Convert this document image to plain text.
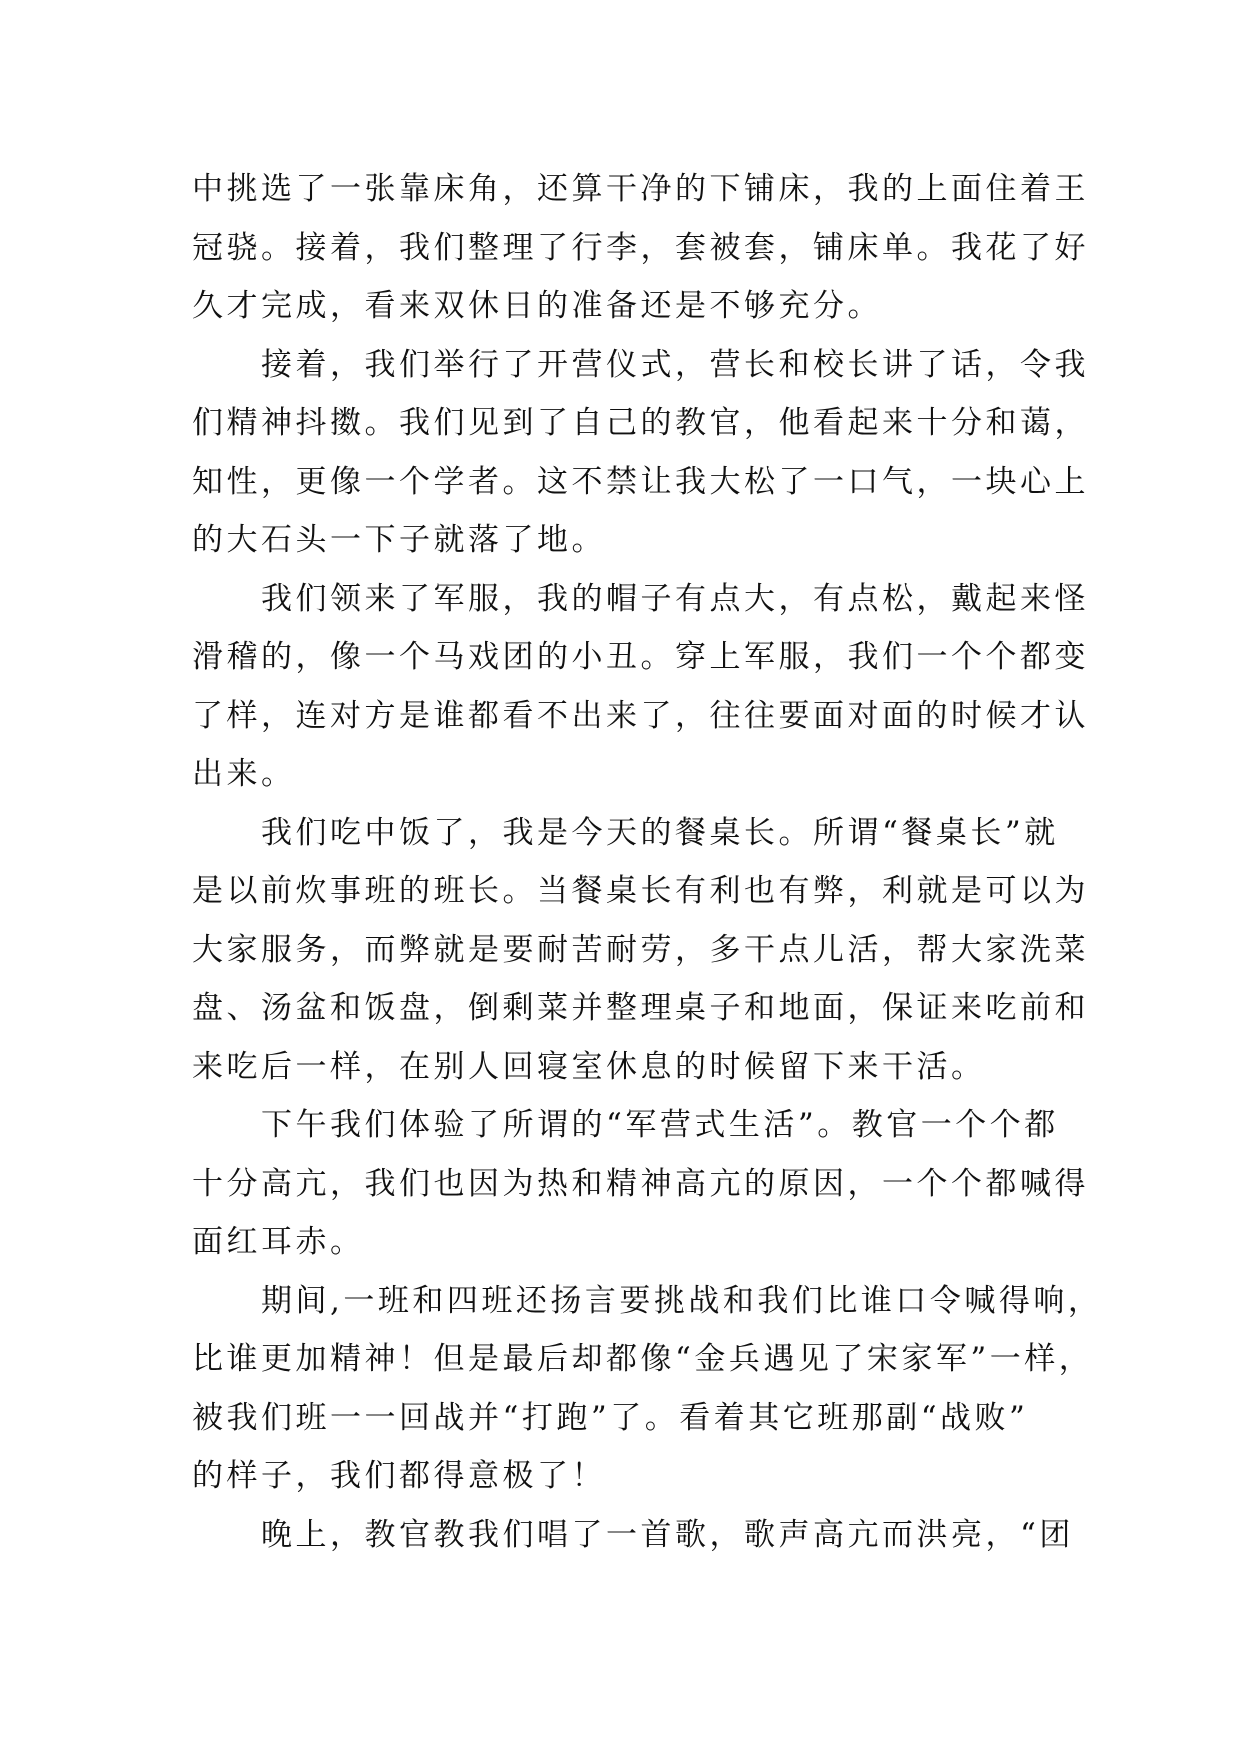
中挑选了一张靠床角，还算干净的下铺床，我的上面住着王
冠骁。接着，我们整理了行李，套被套，铺床单。我花了好
久才完成，看来双休日的准备还是不够充分。
　　接着，我们举行了开营仪式，营长和校长讲了话，令我
们精神抖擞。我们见到了自己的教官，他看起来十分和蔼，
知性，更像一个学者。这不禁让我大松了一口气，一块心上
的大石头一下子就落了地。
　　我们领来了军服，我的帽子有点大，有点松，戴起来怪
滑稽的，像一个马戏团的小丑。穿上军服，我们一个个都变
了样，连对方是谁都看不出来了，往往要面对面的时候才认
出来。
　　我们吃中饭了，我是今天的餐桌长。所谓“餐桌长”就
是以前炊事班的班长。当餐桌长有利也有弊，利就是可以为
大家服务，而弊就是要耐苦耐劳，多干点儿活，帮大家洗菜
盘、汤盆和饭盘，倒剩菜并整理桌子和地面，保证来吃前和
来吃后一样，在别人回寝室休息的时候留下来干活。
　　下午我们体验了所谓的“军营式生活”。教官一个个都
十分高亢，我们也因为热和精神高亢的原因，一个个都喊得
面红耳赤。
　　期间,一班和四班还扬言要挑战和我们比谁口令喊得响，
比谁更加精神！但是最后却都像“金兵遇见了宋家军”一样，
被我们班一一回战并“打跑”了。看着其它班那副“战败”
的样子，我们都得意极了！
　　晚上，教官教我们唱了一首歌，歌声高亢而洪亮，“团
